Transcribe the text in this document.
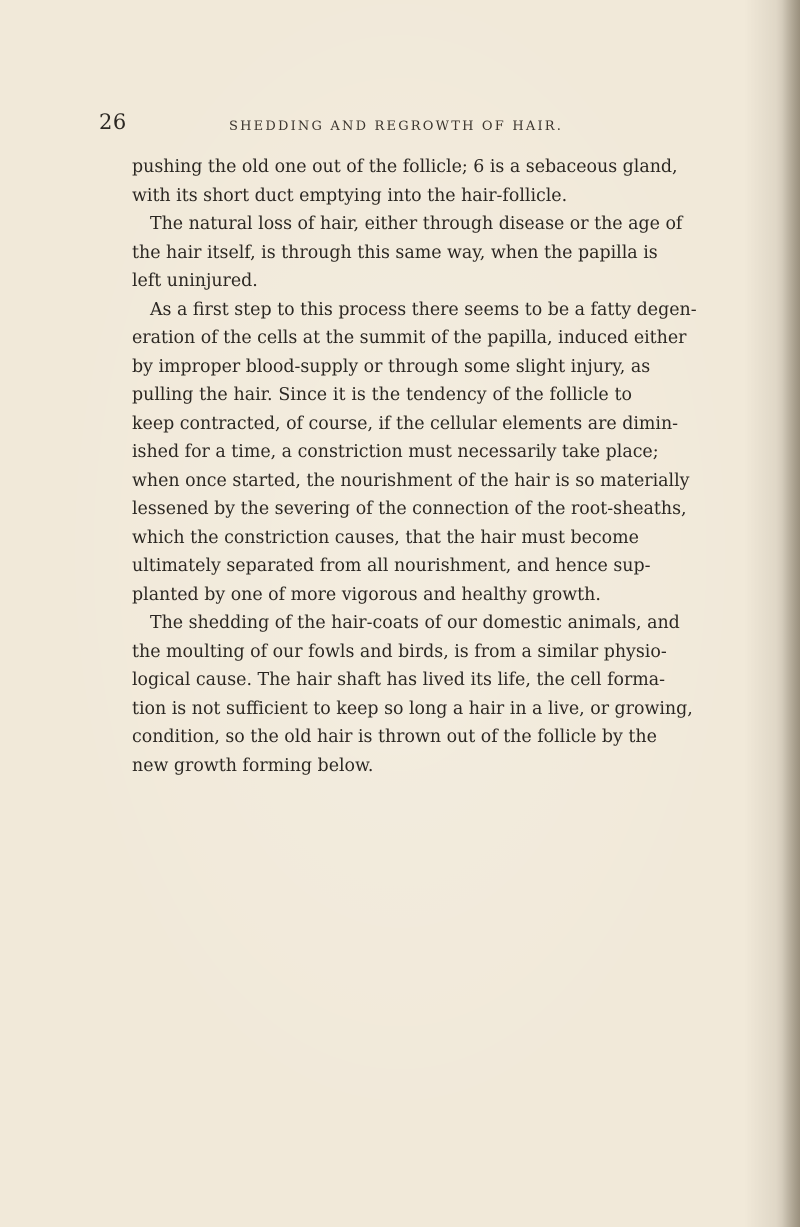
26	SHEDDING AND REGROWTH OF HAIR.
pushing the old one out of the follicle; 6 is a sebaceous gland,
with its short duct emptying into the hair-follicle.
The natural loss of hair, either through disease or the age of
the hair itself, is through this same way, when the papilla is
left uninjured.
As a first step to this process there seems to be a fatty degen-
eration of the cells at the summit of the papilla, induced either
by improper blood-supply or through some slight injury, as
pulling the hair. Since it is the tendency of the follicle to
keep contracted, of course, if the cellular elements are dimin-
ished for a time, a constriction must necessarily take place;
when once started, the nourishment of the hair is so materially
lessened by the severing of the connection of the root-sheaths,
which the constriction causes, that the hair must become
ultimately separated from all nourishment, and hence sup-
planted by one of more vigorous and healthy growth.
The shedding of the hair-coats of our domestic animals, and
the moulting of our fowls and birds, is from a similar physio-
logical cause. The hair shaft has lived its life, the cell forma-
tion is not sufficient to keep so long a hair in a live, or growing,
condition, so the old hair is thrown out of the follicle by the
new growth forming below.
